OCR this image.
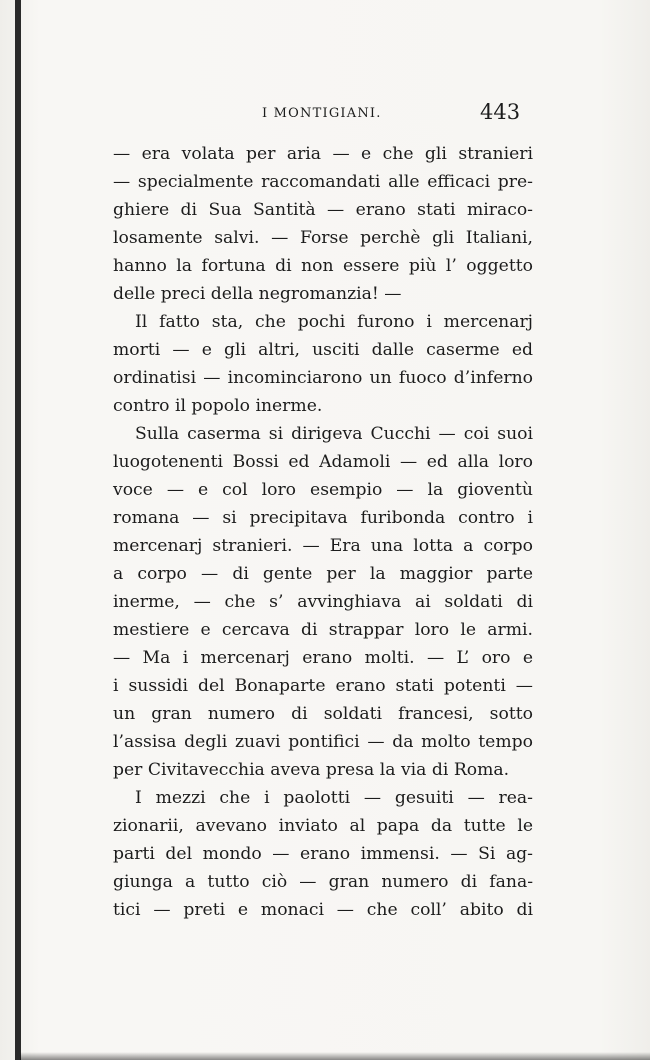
I MONTIGIANI.	443
— era volata per aria — e che gli stranieri
— specialmente raccomandati alle efficaci pre-
ghiere di Sua Santità — erano stati miraco-
losamente salvi. — Forse perchè gli Italiani,
hanno la fortuna di non essere più l’ oggetto
delle preci della negromanzia! —
Il fatto sta, che pochi furono i mercenarj
morti — e gli altri, usciti dalle caserme ed
ordinatisi — incominciarono un fuoco d’inferno
contro il popolo inerme.
Sulla caserma si dirigeva Cucchi — coi suoi
luogotenenti Bossi ed Adamoli — ed alla loro
voce — e col loro esempio — la gioventù
romana — si precipitava furibonda contro i
mercenarj stranieri. — Era una lotta a corpo
a corpo — di gente per la maggior parte
inerme, — che s’ avvinghiava ai soldati di
mestiere e cercava di strappar loro le armi.
— Ma i mercenarj erano molti. — L’ oro e
i sussidi del Bonaparte erano stati potenti —
un gran numero di soldati francesi, sotto
l’assisa degli zuavi pontifici — da molto tempo
per Civitavecchia aveva presa la via di Roma.
I mezzi che i paolotti — gesuiti — rea-
zionarii, avevano inviato al papa da tutte le
parti del mondo — erano immensi. — Si ag-
giunga a tutto ciò — gran numero di fana-
tici — preti e monaci — che coll’ abito di
